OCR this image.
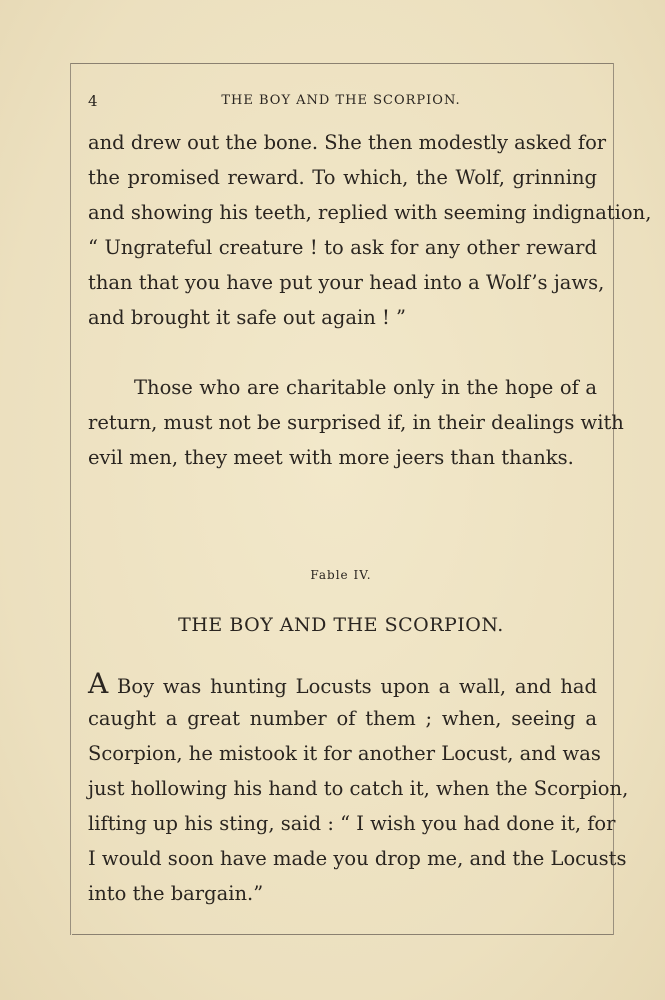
4	THE BOY AND THE SCORPION.
and drew out the bone. She then modestly asked for
the promised reward. To which, the Wolf, grinning
and showing his teeth, replied with seeming indignation,
“ Ungrateful creature ! to ask for any other reward
than that you have put your head into a Wolf’s jaws,
and brought it safe out again ! ”
Those who are charitable only in the hope of a
return, must not be surprised if, in their dealings with
evil men, they meet with more jeers than thanks.
Fable IV.
THE BOY AND THE SCORPION.
A Boy was hunting Locusts upon a wall, and had
caught a great number of them ; when, seeing a
Scorpion, he mistook it for another Locust, and was
just hollowing his hand to catch it, when the Scorpion,
lifting up his sting, said : “ I wish you had done it, for
I would soon have made you drop me, and the Locusts
into the bargain.”
